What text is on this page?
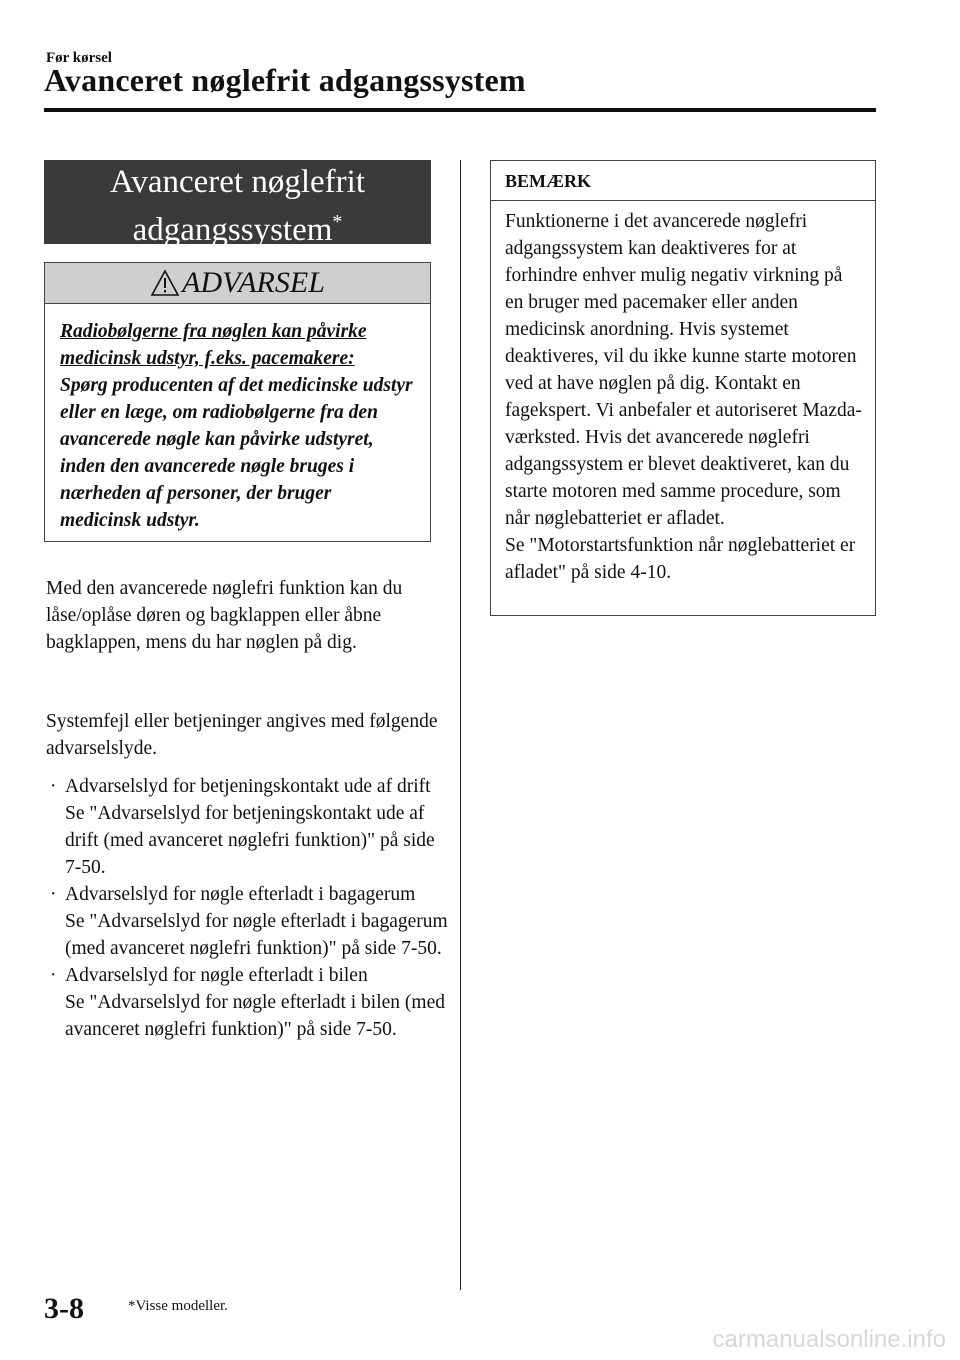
Før kørsel
Avanceret nøglefrit adgangssystem
Avanceret nøglefrit
adgangssystem*
ADVARSEL
Radiobølgerne fra nøglen kan påvirke
medicinsk udstyr, f.eks. pacemakere:
Spørg producenten af det medicinske udstyr eller en læge, om radiobølgerne fra den avancerede nøgle kan påvirke udstyret, inden den avancerede nøgle bruges i nærheden af personer, der bruger medicinsk udstyr.
Med den avancerede nøglefri funktion kan du låse/oplåse døren og bagklappen eller åbne bagklappen, mens du har nøglen på dig.
Systemfejl eller betjeninger angives med følgende advarselslyde.
· Advarselslyd for betjeningskontakt ude af drift
Se "Advarselslyd for betjeningskontakt ude af drift (med avanceret nøglefri funktion)" på side 7-50.
· Advarselslyd for nøgle efterladt i bagagerum
Se "Advarselslyd for nøgle efterladt i bagagerum (med avanceret nøglefri funktion)" på side 7-50.
· Advarselslyd for nøgle efterladt i bilen
Se "Advarselslyd for nøgle efterladt i bilen (med avanceret nøglefri funktion)" på side 7-50.
BEMÆRK
Funktionerne i det avancerede nøglefri adgangssystem kan deaktiveres for at forhindre enhver mulig negativ virkning på en bruger med pacemaker eller anden medicinsk anordning. Hvis systemet deaktiveres, vil du ikke kunne starte motoren ved at have nøglen på dig. Kontakt en fagekspert. Vi anbefaler et autoriseret Mazda-værksted. Hvis det avancerede nøglefri adgangssystem er blevet deaktiveret, kan du starte motoren med samme procedure, som når nøglebatteriet er afladet.
Se "Motorstartsfunktion når nøglebatteriet er afladet" på side 4-10.
3-8	*Visse modeller.
carmanualsonline.info
